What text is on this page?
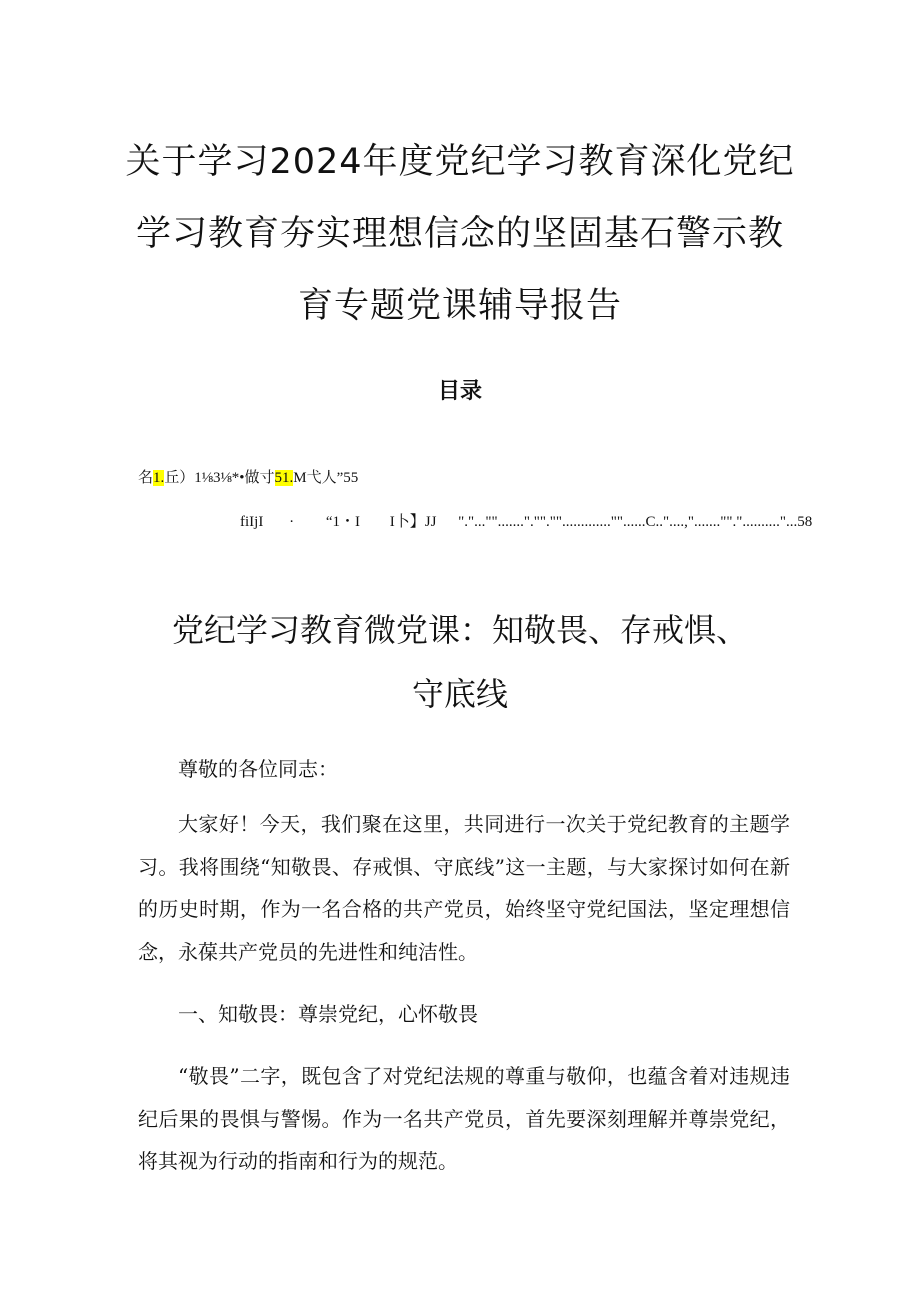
关于学习2024年度党纪学习教育深化党纪
学习教育夯实理想信念的坚固基石警示教
育专题党课辅导报告
目录
名1.丘）1⅛3⅛*•做寸51.M弋人”55
fiIjI · “1・I I卜】JJ "."..."".......".""."".............""......C.."....,"......."".".........."...58
党纪学习教育微党课：知敬畏、存戒惧、
守底线

尊敬的各位同志：

大家好！今天，我们聚在这里，共同进行一次关于党纪教育的主题学习。我将围绕“知敬畏、存戒惧、守底线”这一主题，与大家探讨如何在新的历史时期，作为一名合格的共产党员，始终坚守党纪国法，坚定理想信念，永葆共产党员的先进性和纯洁性。

一、知敬畏：尊崇党纪，心怀敬畏

“敬畏”二字，既包含了对党纪法规的尊重与敬仰，也蕴含着对违规违纪后果的畏惧与警惕。作为一名共产党员，首先要深刻理解并尊崇党纪，将其视为行动的指南和行为的规范。
